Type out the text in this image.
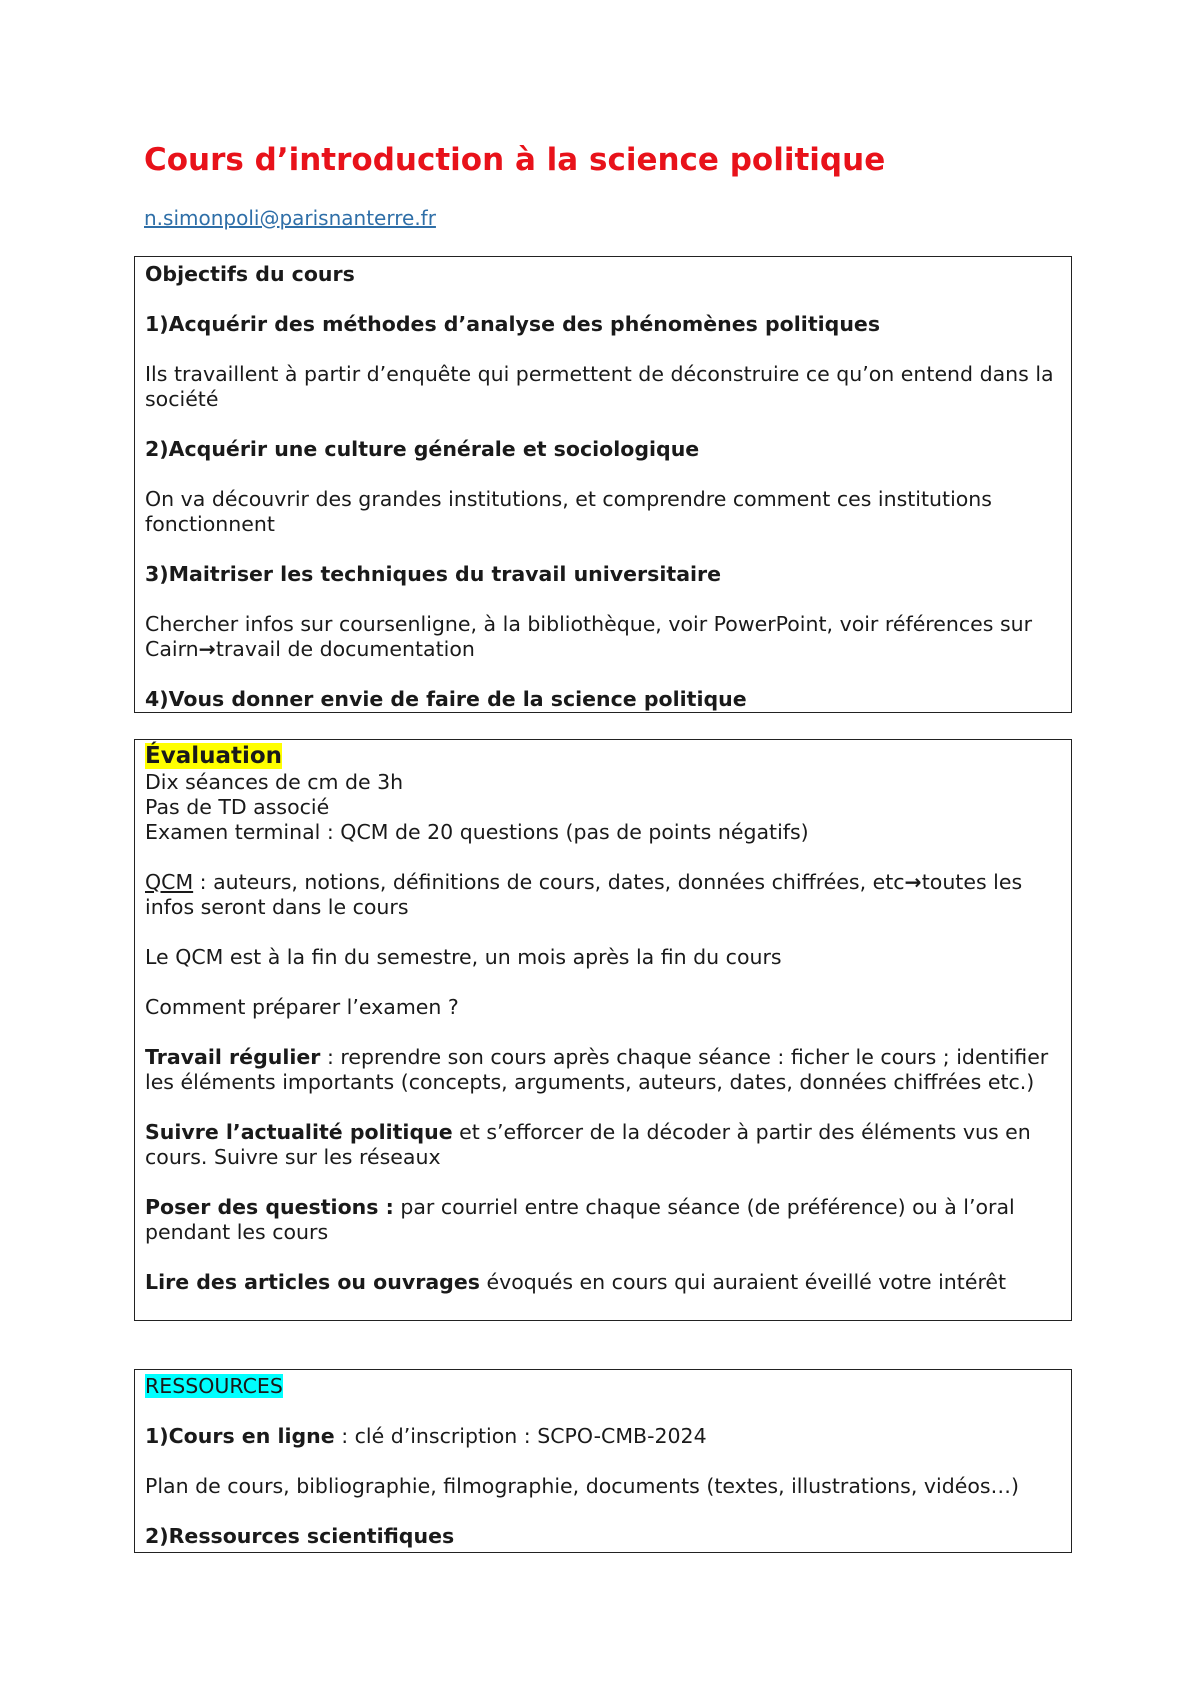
Cours d’introduction à la science politique
n.simonpoli@parisnanterre.fr

Objectifs du cours

1)Acquérir des méthodes d’analyse des phénomènes politiques

Ils travaillent à partir d’enquête qui permettent de déconstruire ce qu’on entend dans la société

2)Acquérir une culture générale et sociologique

On va découvrir des grandes institutions, et comprendre comment ces institutions fonctionnent

3)Maitriser les techniques du travail universitaire

Chercher infos sur coursenligne, à la bibliothèque, voir PowerPoint, voir références sur Cairn→travail de documentation

4)Vous donner envie de faire de la science politique

Évaluation

Dix séances de cm de 3h

Pas de TD associé

Examen terminal : QCM de 20 questions (pas de points négatifs)

QCM : auteurs, notions, définitions de cours, dates, données chiffrées, etc→toutes les infos seront dans le cours

Le QCM est à la fin du semestre, un mois après la fin du cours

Comment préparer l’examen ?

Travail régulier : reprendre son cours après chaque séance : ficher le cours ; identifier les éléments importants (concepts, arguments, auteurs, dates, données chiffrées etc.)

Suivre l’actualité politique et s’efforcer de la décoder à partir des éléments vus en cours. Suivre sur les réseaux

Poser des questions : par courriel entre chaque séance (de préférence) ou à l’oral pendant les cours

Lire des articles ou ouvrages évoqués en cours qui auraient éveillé votre intérêt

RESSOURCES

1)Cours en ligne : clé d’inscription : SCPO-CMB-2024

Plan de cours, bibliographie, filmographie, documents (textes, illustrations, vidéos…)

2)Ressources scientifiques
